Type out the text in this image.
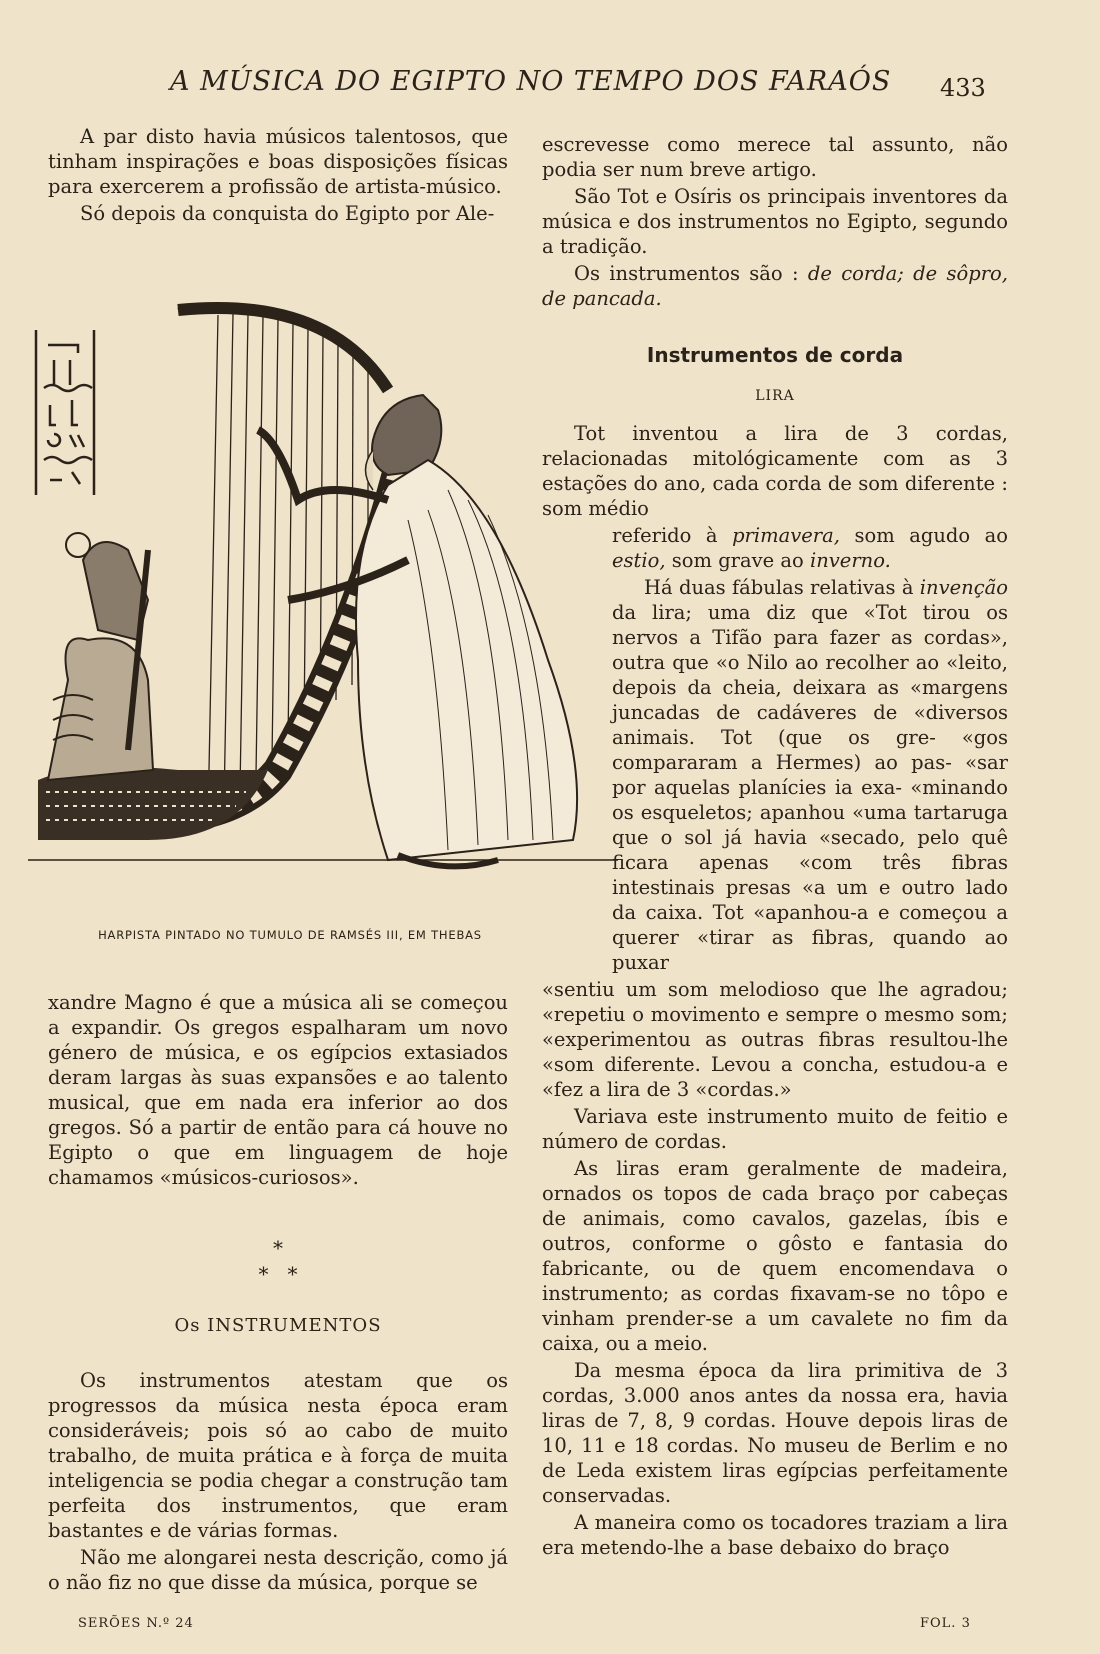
A MÚSICA DO EGIPTO NO TEMPO DOS FARAÓS	433

A par disto havia músicos talentosos, que tinham inspirações e boas disposições físicas para exercerem a profissão de artista-músico.

Só depois da conquista do Egipto por Ale-

HARPISTA PINTADO NO TUMULO DE RAMSÉS III, EM THEBAS

xandre Magno é que a música ali se começou a expandir. Os gregos espalharam um novo género de música, e os egípcios extasiados deram largas às suas expansões e ao talento musical, que em nada era inferior ao dos gregos. Só a partir de então para cá houve no Egipto o que em linguagem de hoje chamamos «músicos-curiosos».

*
*   *
Os INSTRUMENTOS

Os instrumentos atestam que os progressos da música nesta época eram consideráveis; pois só ao cabo de muito trabalho, de muita prática e à força de muita inteligencia se podia chegar a construção tam perfeita dos instrumentos, que eram bastantes e de várias formas.

Não me alongarei nesta descrição, como já o não fiz no que disse da música, porque se

escrevesse como merece tal assunto, não podia ser num breve artigo.

São Tot e Osíris os principais inventores da música e dos instrumentos no Egipto, segundo a tradição.

Os instrumentos são : de corda; de sôpro, de pancada.

Instrumentos de corda
LIRA

Tot inventou a lira de 3 cordas, relacionadas mitológicamente com as 3 estações do ano, cada corda de som diferente : som médio

referido à primavera, som agudo ao estio, som grave ao inverno.

Há duas fábulas relativas à invenção da lira; uma diz que «Tot tirou os nervos a Tifão para fazer as cordas», outra que «o Nilo ao recolher ao «leito, depois da cheia, deixara as «margens juncadas de cadáveres de «diversos animais. Tot (que os gre- «gos compararam a Hermes) ao pas- «sar por aquelas planícies ia exa- «minando os esqueletos; apanhou «uma tartaruga que o sol já havia «secado, pelo quê ficara apenas «com três fibras intestinais presas «a um e outro lado da caixa. Tot «apanhou-a e começou a querer «tirar as fibras, quando ao puxar

«sentiu um som melodioso que lhe agradou; «repetiu o movimento e sempre o mesmo som; «experimentou as outras fibras resultou-lhe «som diferente. Levou a concha, estudou-a e «fez a lira de 3 «cordas.»

Variava este instrumento muito de feitio e número de cordas.

As liras eram geralmente de madeira, ornados os topos de cada braço por cabeças de animais, como cavalos, gazelas, íbis e outros, conforme o gôsto e fantasia do fabricante, ou de quem encomendava o instrumento; as cordas fixavam-se no tôpo e vinham prender-se a um cavalete no fim da caixa, ou a meio.

Da mesma época da lira primitiva de 3 cordas, 3.000 anos antes da nossa era, havia liras de 7, 8, 9 cordas. Houve depois liras de 10, 11 e 18 cordas. No museu de Berlim e no de Leda existem liras egípcias perfeitamente conservadas.

A maneira como os tocadores traziam a lira era metendo-lhe a base debaixo do braço

SERÕES N.º 24	FOL. 3
